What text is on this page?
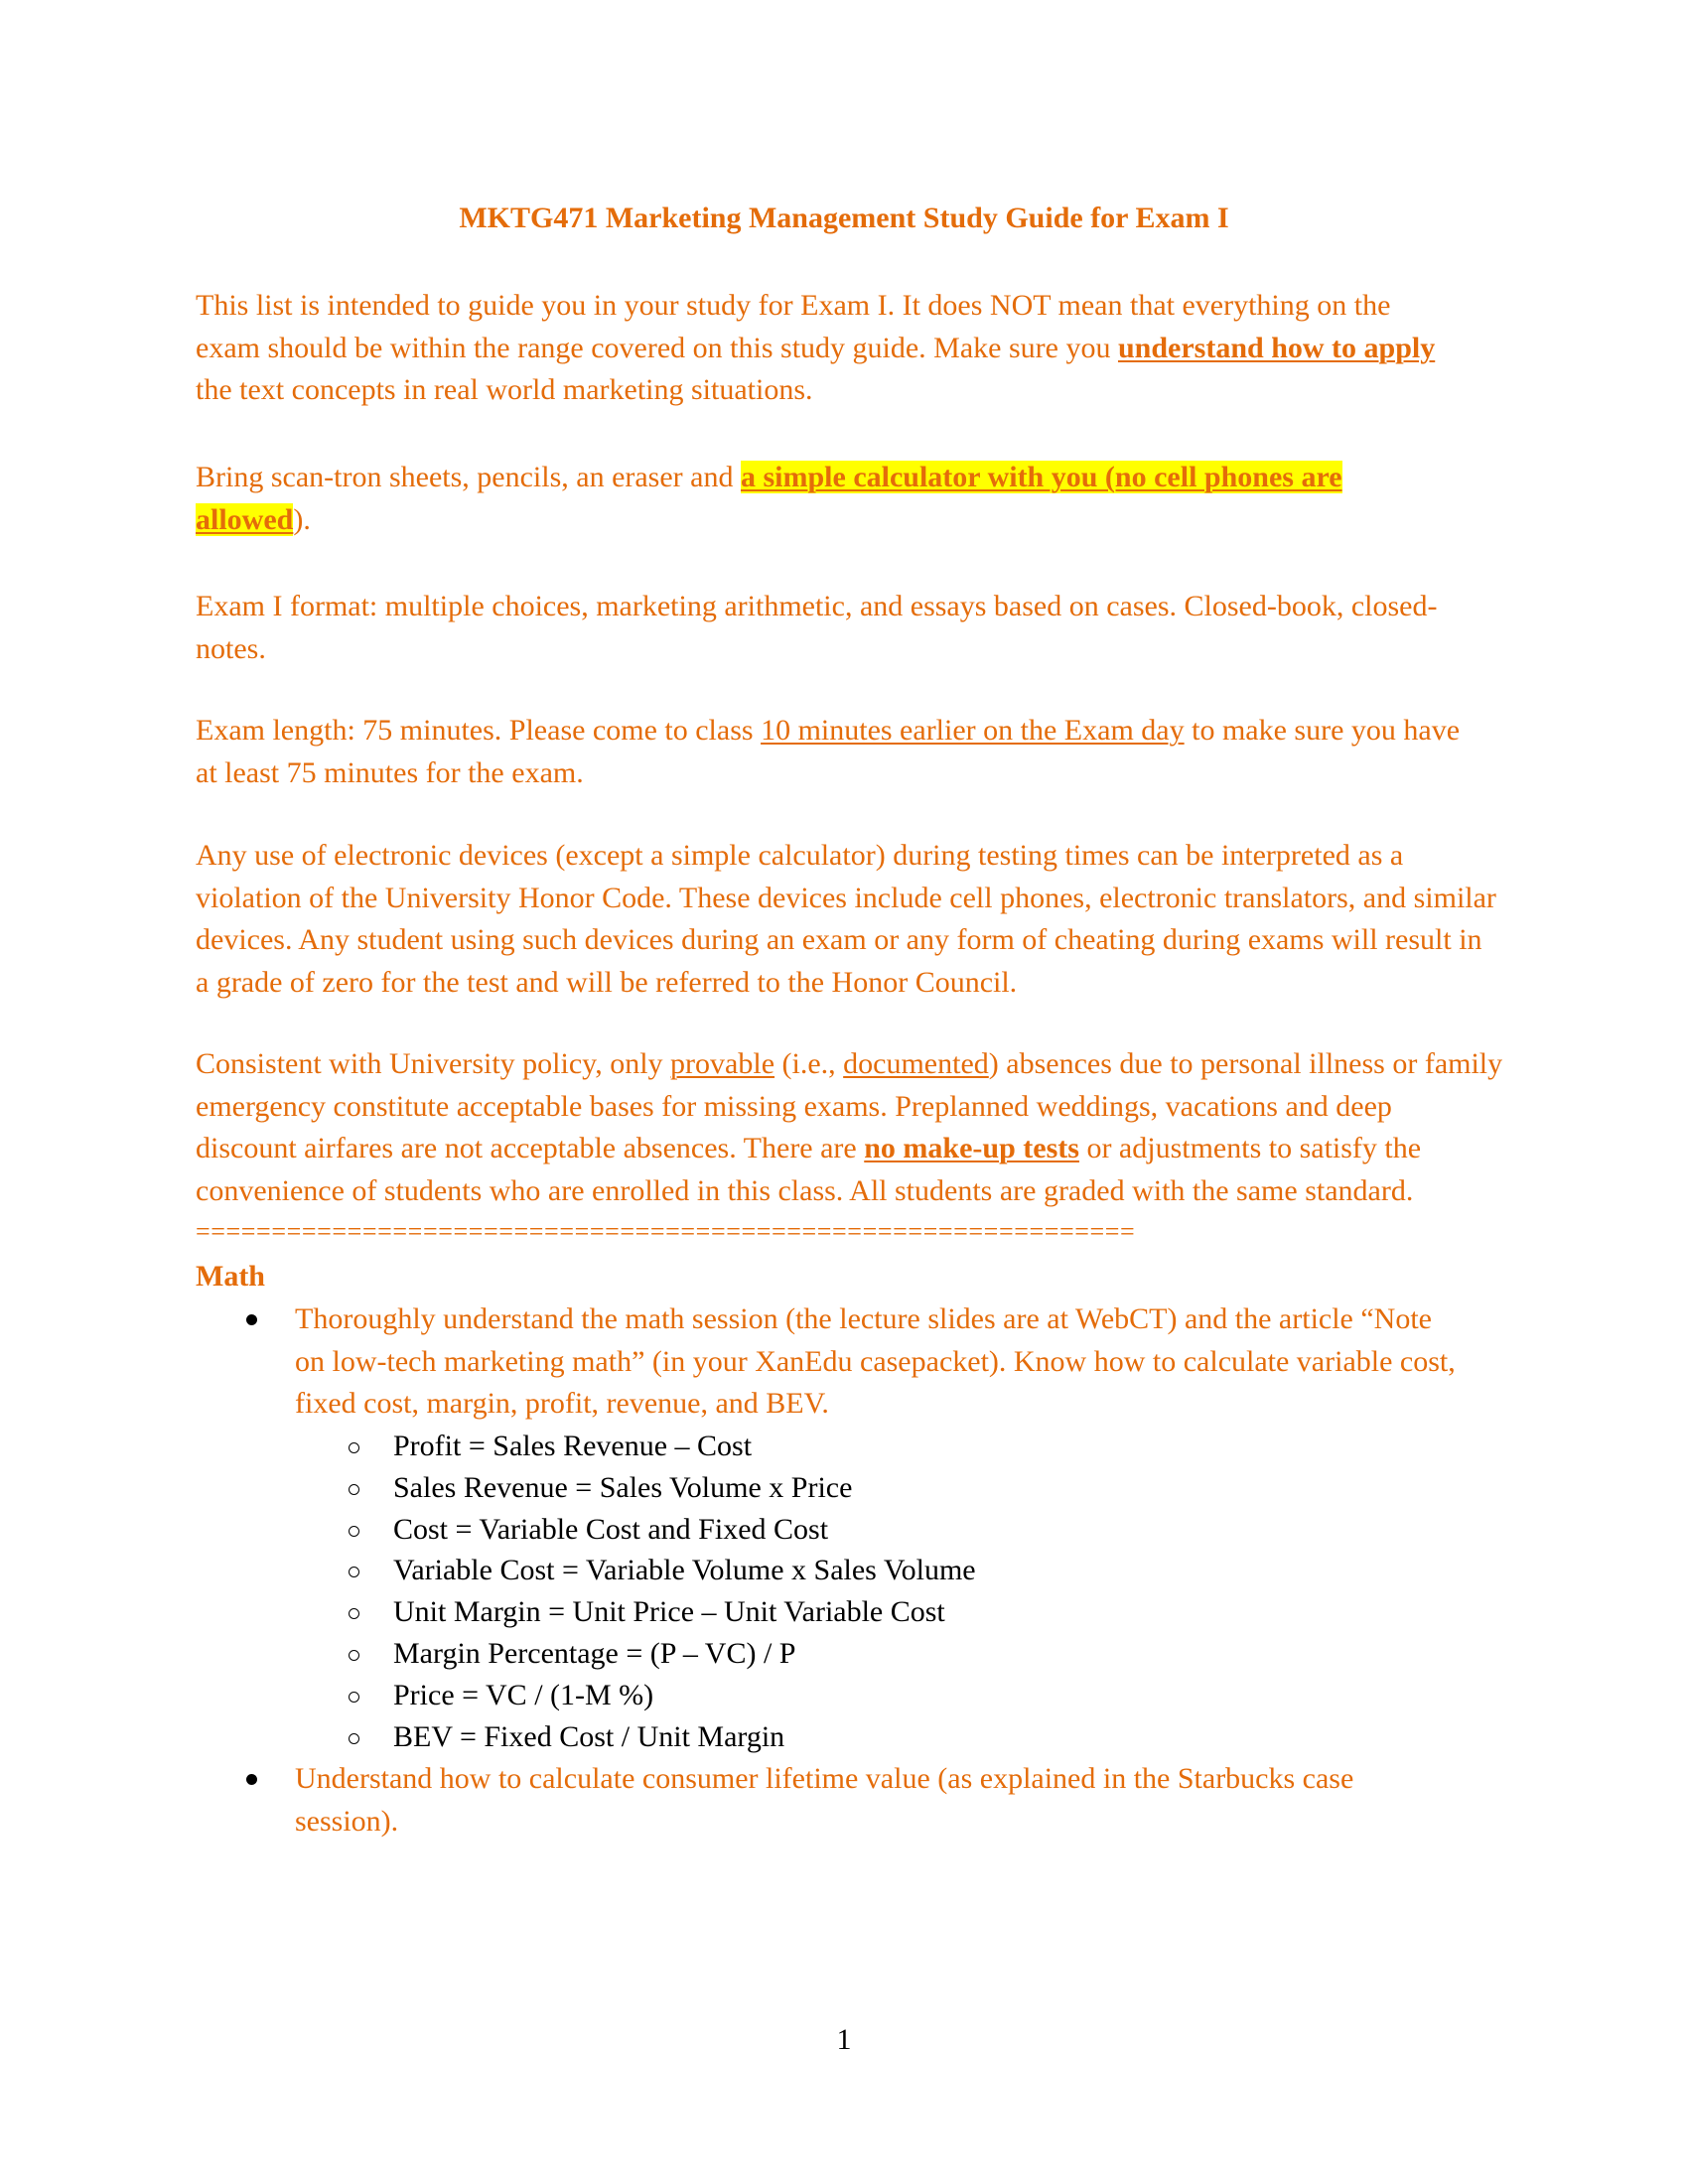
MKTG471 Marketing Management Study Guide for Exam I
This list is intended to guide you in your study for Exam I. It does NOT mean that everything on the
exam should be within the range covered on this study guide. Make sure you understand how to apply
the text concepts in real world marketing situations.
Bring scan-tron sheets, pencils, an eraser and a simple calculator with you (no cell phones are
allowed).
Exam I format: multiple choices, marketing arithmetic, and essays based on cases. Closed-book, closed-
notes.
Exam length: 75 minutes. Please come to class 10 minutes earlier on the Exam day to make sure you have
at least 75 minutes for the exam.
Any use of electronic devices (except a simple calculator) during testing times can be interpreted as a
violation of the University Honor Code. These devices include cell phones, electronic translators, and similar
devices. Any student using such devices during an exam or any form of cheating during exams will result in
a grade of zero for the test and will be referred to the Honor Council.
Consistent with University policy, only provable (i.e., documented) absences due to personal illness or family
emergency constitute acceptable bases for missing exams. Preplanned weddings, vacations and deep
discount airfares are not acceptable absences. There are no make-up tests or adjustments to satisfy the
convenience of students who are enrolled in this class. All students are graded with the same standard.
==============================================================
Math
Thoroughly understand the math session (the lecture slides are at WebCT) and the article “Note
on low-tech marketing math” (in your XanEdu casepacket). Know how to calculate variable cost,
fixed cost, margin, profit, revenue, and BEV.
Profit = Sales Revenue – Cost
Sales Revenue = Sales Volume x Price
Cost = Variable Cost and Fixed Cost
Variable Cost = Variable Volume x Sales Volume
Unit Margin = Unit Price – Unit Variable Cost
Margin Percentage = (P – VC) / P
Price = VC / (1-M %)
BEV = Fixed Cost / Unit Margin
Understand how to calculate consumer lifetime value (as explained in the Starbucks case
session).
1
